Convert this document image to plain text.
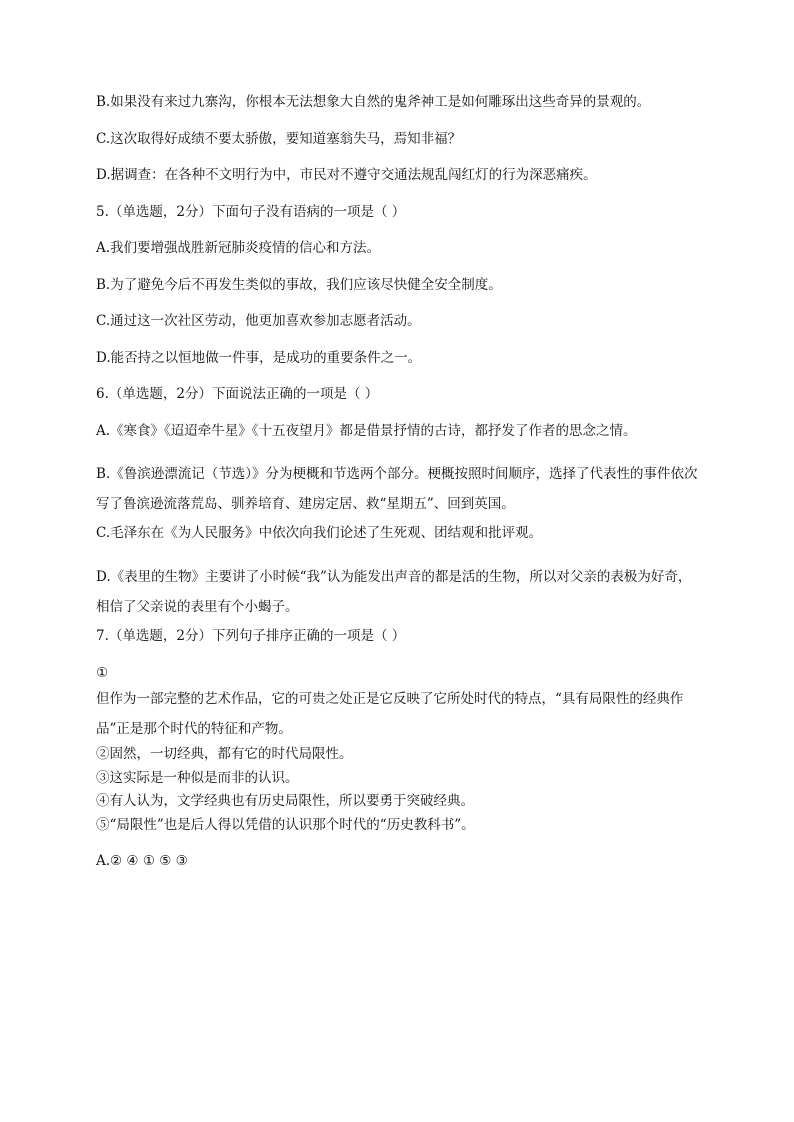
B.如果没有来过九寨沟，你根本无法想象大自然的鬼斧神工是如何雕琢出这些奇异的景观的。
C.这次取得好成绩不要太骄傲，要知道塞翁失马，焉知非福？
D.据调查：在各种不文明行为中，市民对不遵守交通法规乱闯红灯的行为深恶痛疾。
5.（单选题，2分）下面句子没有语病的一项是（ ）
A.我们要增强战胜新冠肺炎疫情的信心和方法。
B.为了避免今后不再发生类似的事故，我们应该尽快健全安全制度。
C.通过这一次社区劳动，他更加喜欢参加志愿者活动。
D.能否持之以恒地做一件事，是成功的重要条件之一。
6.（单选题，2分）下面说法正确的一项是（ ）
A.《寒食》《迢迢牵牛星》《十五夜望月》都是借景抒情的古诗，都抒发了作者的思念之情。
B.《鲁滨逊漂流记（节选）》分为梗概和节选两个部分。梗概按照时间顺序，选择了代表性的事件依次写了鲁滨逊流落荒岛、驯养培育、建房定居、救“星期五”、回到英国。
C.毛泽东在《为人民服务》中依次向我们论述了生死观、团结观和批评观。
D.《表里的生物》主要讲了小时候“我”认为能发出声音的都是活的生物，所以对父亲的表极为好奇，相信了父亲说的表里有个小蝎子。
7.（单选题，2分）下列句子排序正确的一项是（ ）
①
但作为一部完整的艺术作品，它的可贵之处正是它反映了它所处时代的特点，“具有局限性的经典作品”正是那个时代的特征和产物。
②固然，一切经典，都有它的时代局限性。
③这实际是一种似是而非的认识。
④有人认为，文学经典也有历史局限性，所以要勇于突破经典。
⑤“局限性”也是后人得以凭借的认识那个时代的“历史教科书”。
A.② ④ ① ⑤ ③
